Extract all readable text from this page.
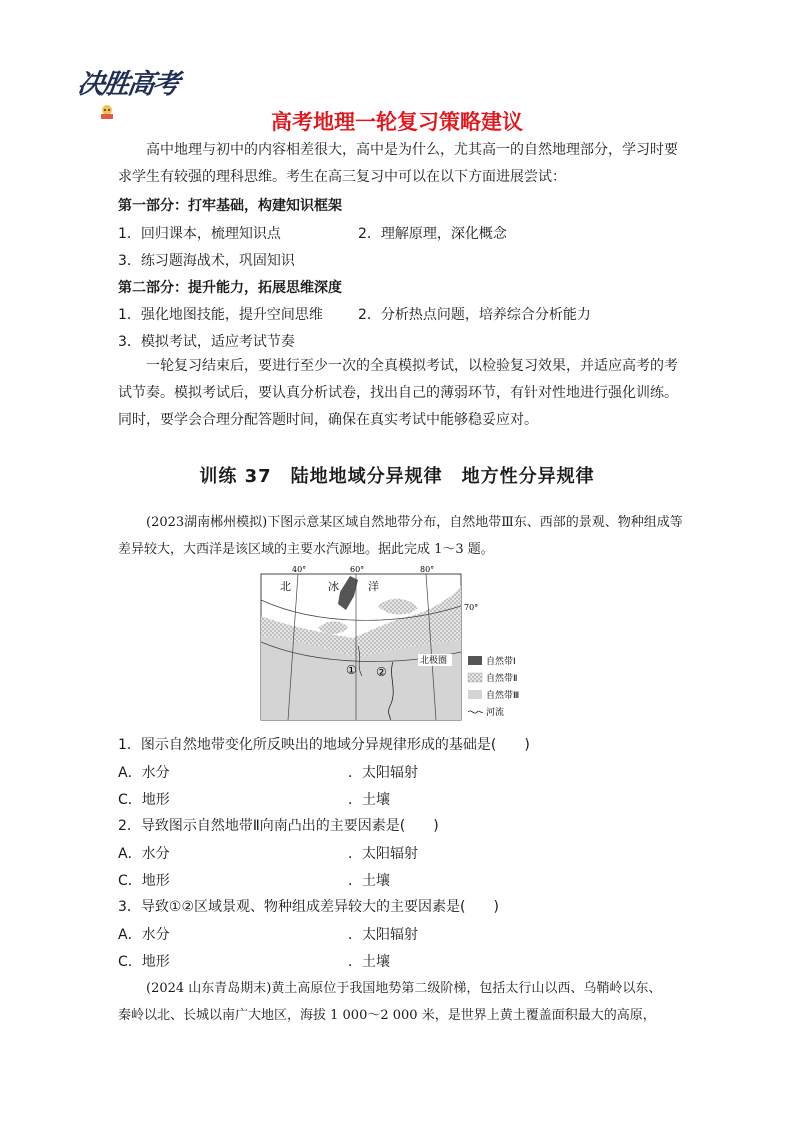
决胜高考
高考地理一轮复习策略建议
高中地理与初中的内容相差很大，高中是为什么，尤其高一的自然地理部分，学习时要求学生有较强的理科思维。考生在高三复习中可以在以下方面进展尝试：
第一部分：打牢基础，构建知识框架
1．回归课本，梳理知识点	2．理解原理，深化概念
3．练习题海战术，巩固知识
第二部分：提升能力，拓展思维深度
1．强化地图技能，提升空间思维	2．分析热点问题，培养综合分析能力
3．模拟考试，适应考试节奏
一轮复习结束后，要进行至少一次的全真模拟考试，以检验复习效果，并适应高考的考试节奏。模拟考试后，要认真分析试卷，找出自己的薄弱环节，有针对性地进行强化训练。同时，要学会合理分配答题时间，确保在真实考试中能够稳妥应对。
训练 37　陆地地域分异规律　地方性分异规律
(2023湖南郴州模拟)下图示意某区域自然地带分布，自然地带Ⅲ东、西部的景观、物种组成等差异较大，大西洋是该区域的主要水汽源地。据此完成 1～3 题。
40°	60°	80°
70°
北	冰	洋
北极圈
① ②
自然带Ⅰ
自然带Ⅱ
自然带Ⅲ
河流
1．图示自然地带变化所反映出的地域分异规律形成的基础是(　　)
A．水分	．太阳辐射
C．地形	．土壤
2．导致图示自然地带Ⅱ向南凸出的主要因素是(　　)
A．水分	．太阳辐射
C．地形	．土壤
3．导致①②区域景观、物种组成差异较大的主要因素是(　　)
A．水分	．太阳辐射
C．地形	．土壤
(2024 山东青岛期末)黄土高原位于我国地势第二级阶梯，包括太行山以西、乌鞘岭以东、
秦岭以北、长城以南广大地区，海拔 1 000～2 000 米，是世界上黄土覆盖面积最大的高原，
